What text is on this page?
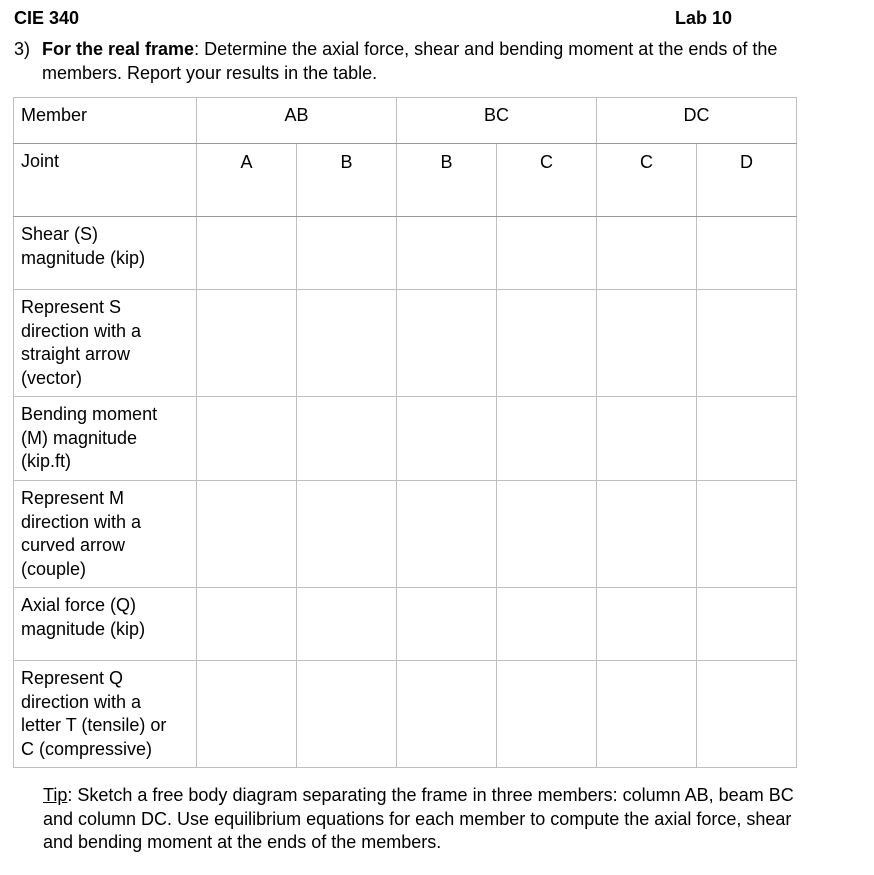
CIE 340	Lab 10
3) For the real frame: Determine the axial force, shear and bending moment at the ends of the members. Report your results in the table.
Member	AB		BC		DC	
Joint	A	B	B	C	C	D

Shear (S)
magnitude (kip)						

Represent S
direction with a
straight arrow
(vector)						

Bending moment
(M) magnitude
(kip.ft)						

Represent M
direction with a
curved arrow
(couple)						

Axial force (Q)
magnitude (kip)						

Represent Q
direction with a
letter T (tensile) or
C (compressive)						

Tip: Sketch a free body diagram separating the frame in three members: column AB, beam BC and column DC. Use equilibrium equations for each member to compute the axial force, shear and bending moment at the ends of the members.
